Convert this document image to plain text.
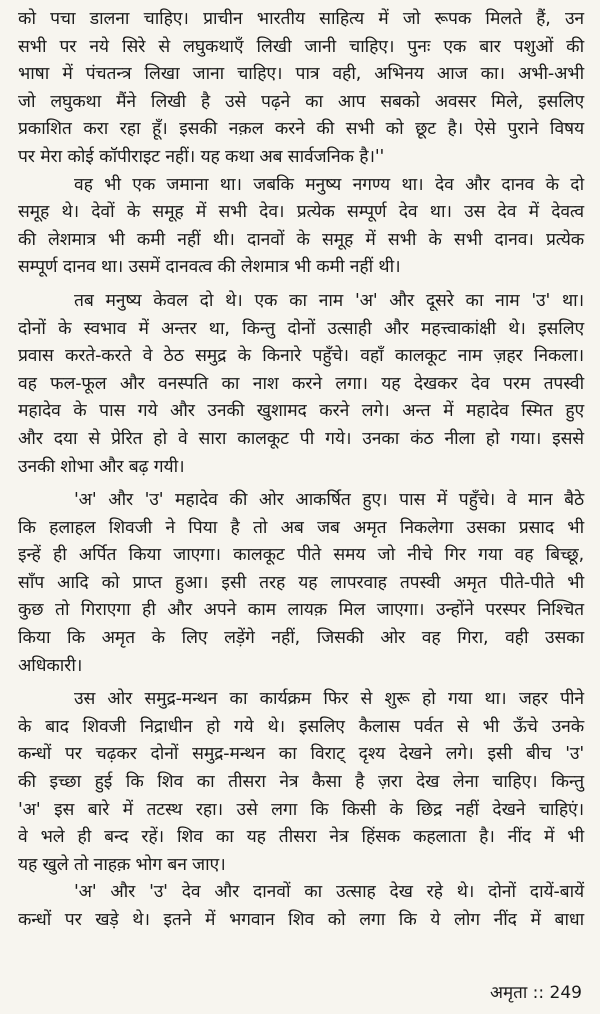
को पचा डालना चाहिए। प्राचीन भारतीय साहित्य में जो रूपक मिलते हैं, उन
सभी पर नये सिरे से लघुकथाएँ लिखी जानी चाहिए। पुनः एक बार पशुओं की
भाषा में पंचतन्त्र लिखा जाना चाहिए। पात्र वही, अभिनय आज का। अभी-अभी
जो लघुकथा मैंने लिखी है उसे पढ़ने का आप सबको अवसर मिले, इसलिए
प्रकाशित करा रहा हूँ। इसकी नक़ल करने की सभी को छूट है। ऐसे पुराने विषय
पर मेरा कोई कॉपीराइट नहीं। यह कथा अब सार्वजनिक है।''
वह भी एक जमाना था। जबकि मनुष्य नगण्य था। देव और दानव के दो
समूह थे। देवों के समूह में सभी देव। प्रत्येक सम्पूर्ण देव था। उस देव में देवत्व
की लेशमात्र भी कमी नहीं थी। दानवों के समूह में सभी के सभी दानव। प्रत्येक
सम्पूर्ण दानव था। उसमें दानवत्व की लेशमात्र भी कमी नहीं थी।
तब मनुष्य केवल दो थे। एक का नाम 'अ' और दूसरे का नाम 'उ' था।
दोनों के स्वभाव में अन्तर था, किन्तु दोनों उत्साही और महत्त्वाकांक्षी थे। इसलिए
प्रवास करते-करते वे ठेठ समुद्र के किनारे पहुँचे। वहाँ कालकूट नाम ज़हर निकला।
वह फल-फूल और वनस्पति का नाश करने लगा। यह देखकर देव परम तपस्वी
महादेव के पास गये और उनकी खुशामद करने लगे। अन्त में महादेव स्मित हुए
और दया से प्रेरित हो वे सारा कालकूट पी गये। उनका कंठ नीला हो गया। इससे
उनकी शोभा और बढ़ गयी।
'अ' और 'उ' महादेव की ओर आकर्षित हुए। पास में पहुँचे। वे मान बैठे
कि हलाहल शिवजी ने पिया है तो अब जब अमृत निकलेगा उसका प्रसाद भी
इन्हें ही अर्पित किया जाएगा। कालकूट पीते समय जो नीचे गिर गया वह बिच्छू,
साँप आदि को प्राप्त हुआ। इसी तरह यह लापरवाह तपस्वी अमृत पीते-पीते भी
कुछ तो गिराएगा ही और अपने काम लायक़ मिल जाएगा। उन्होंने परस्पर निश्चित
किया कि अमृत के लिए लड़ेंगे नहीं, जिसकी ओर वह गिरा, वही उसका
अधिकारी।
उस ओर समुद्र-मन्थन का कार्यक्रम फिर से शुरू हो गया था। जहर पीने
के बाद शिवजी निद्राधीन हो गये थे। इसलिए कैलास पर्वत से भी ऊँचे उनके
कन्धों पर चढ़कर दोनों समुद्र-मन्थन का विराट् दृश्य देखने लगे। इसी बीच 'उ'
की इच्छा हुई कि शिव का तीसरा नेत्र कैसा है ज़रा देख लेना चाहिए। किन्तु
'अ' इस बारे में तटस्थ रहा। उसे लगा कि किसी के छिद्र नहीं देखने चाहिएं।
वे भले ही बन्द रहें। शिव का यह तीसरा नेत्र हिंसक कहलाता है। नींद में भी
यह खुले तो नाहक़ भोग बन जाए।
'अ' और 'उ' देव और दानवों का उत्साह देख रहे थे। दोनों दायें-बायें
कन्धों पर खड़े थे। इतने में भगवान शिव को लगा कि ये लोग नींद में बाधा
अमृता :: 249
